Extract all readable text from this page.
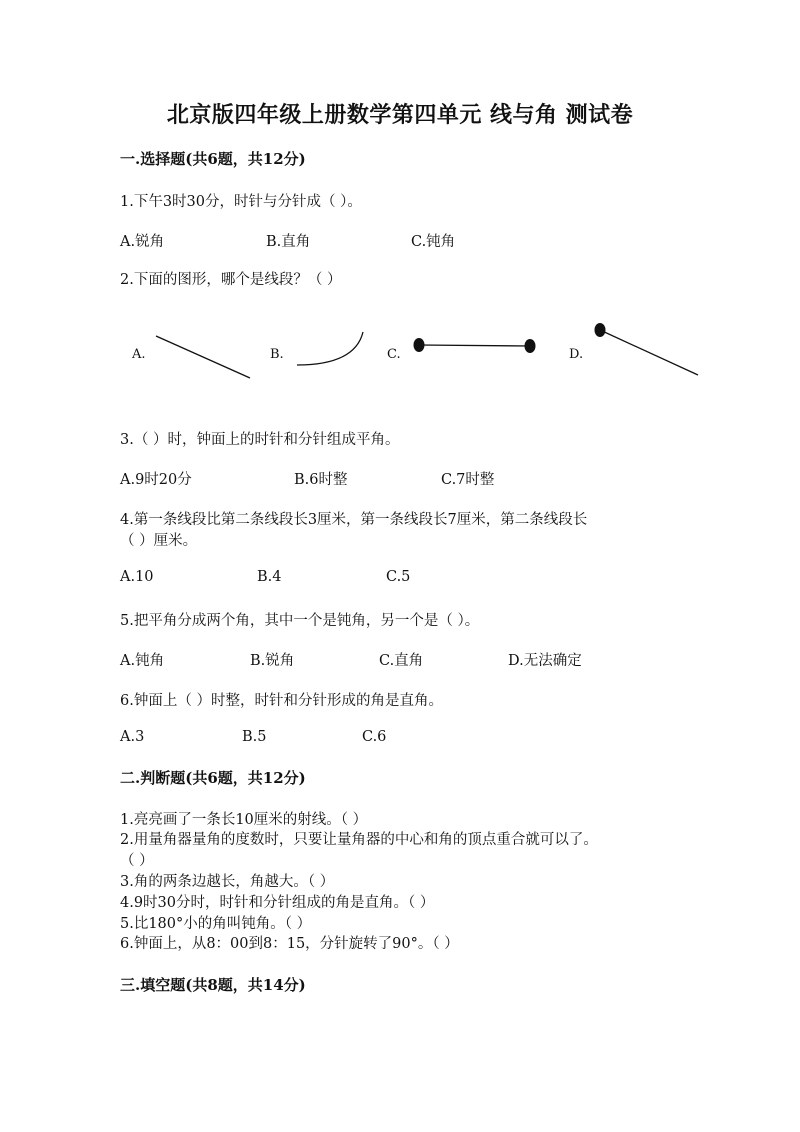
北京版四年级上册数学第四单元 线与角 测试卷
一.选择题(共6题，共12分)
1.下午3时30分，时针与分针成（ ）。
A.锐角	B.直角	C.钝角
2.下面的图形，哪个是线段？（ ）
A.	B.	C.	D.
3.（ ）时，钟面上的时针和分针组成平角。
A.9时20分	B.6时整	C.7时整
4.第一条线段比第二条线段长3厘米，第一条线段长7厘米，第二条线段长
（ ）厘米。
A.10	B.4	C.5
5.把平角分成两个角，其中一个是钝角，另一个是（ ）。
A.钝角	B.锐角	C.直角	D.无法确定
6.钟面上（ ）时整，时针和分针形成的角是直角。
A.3	B.5	C.6
二.判断题(共6题，共12分)
1.亮亮画了一条长10厘米的射线。（ ）
2.用量角器量角的度数时，只要让量角器的中心和角的顶点重合就可以了。
（ ）
3.角的两条边越长，角越大。（ ）
4.9时30分时，时针和分针组成的角是直角。（ ）
5.比180°小的角叫钝角。（ ）
6.钟面上，从8：00到8：15，分针旋转了90°。（ ）
三.填空题(共8题，共14分)
